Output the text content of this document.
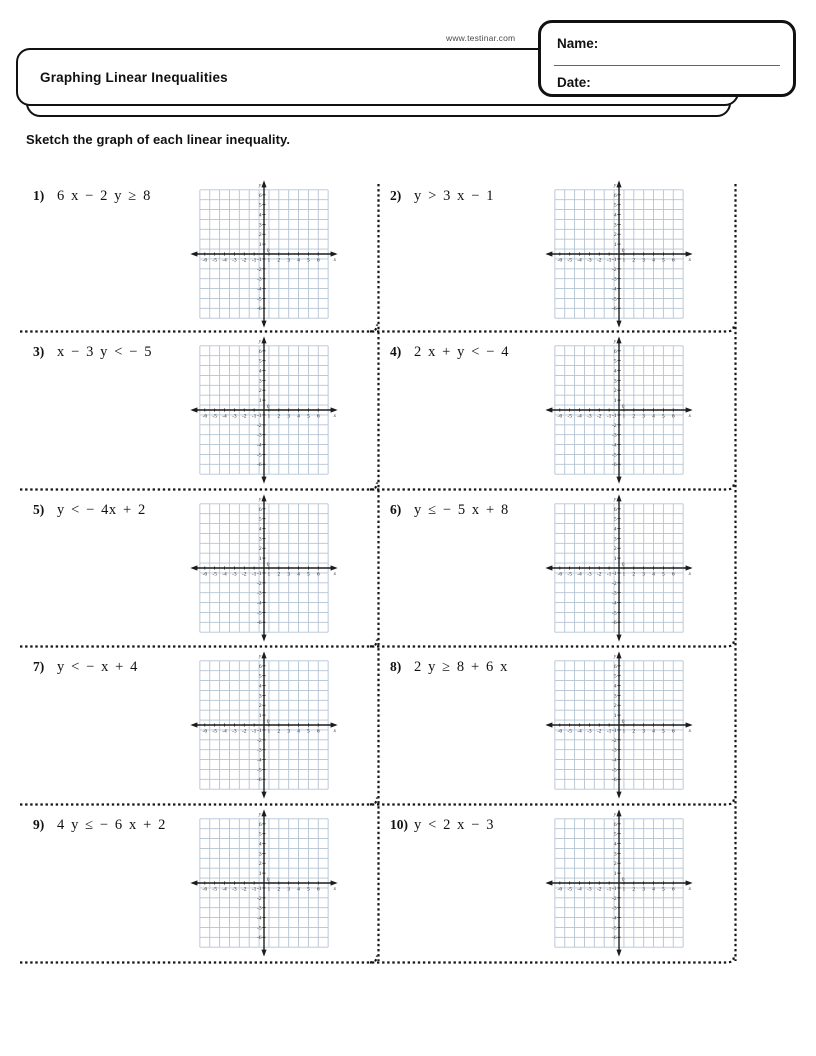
www.testinar.com
Graphing Linear Inequalities
Name:
Date:
Sketch the graph of each linear inequality.
1) 6 x − 2 y ≥ 8
-6 -5 -4 -3 -2 -1 1 2 3 4 5 6
6
5
4
3
2
1
-1
-2
-3
-4
-5
-6
0
x
y
2) y > 3 x − 1
-6 -5 -4 -3 -2 -1 1 2 3 4 5 6
6
5
4
3
2
1
-1
-2
-3
-4
-5
-6
0
x
y
3) x − 3 y < − 5
-6 -5 -4 -3 -2 -1 1 2 3 4 5 6
6
5
4
3
2
1
-1
-2
-3
-4
-5
-6
0
x
y
4) 2 x + y < − 4
-6 -5 -4 -3 -2 -1 1 2 3 4 5 6
6
5
4
3
2
1
-1
-2
-3
-4
-5
-6
0
x
y
5) y < − 4x + 2
-6 -5 -4 -3 -2 -1 1 2 3 4 5 6
6
5
4
3
2
1
-1
-2
-3
-4
-5
-6
0
x
y
6) y ≤ − 5 x + 8
-6 -5 -4 -3 -2 -1 1 2 3 4 5 6
6
5
4
3
2
1
-1
-2
-3
-4
-5
-6
0
x
y
7) y < − x + 4
-6 -5 -4 -3 -2 -1 1 2 3 4 5 6
6
5
4
3
2
1
-1
-2
-3
-4
-5
-6
0
x
y
8) 2 y ≥ 8 + 6 x
-6 -5 -4 -3 -2 -1 1 2 3 4 5 6
6
5
4
3
2
1
-1
-2
-3
-4
-5
-6
0
x
y
9) 4 y ≤ − 6 x + 2
-6 -5 -4 -3 -2 -1 1 2 3 4 5 6
6
5
4
3
2
1
-1
-2
-3
-4
-5
-6
0
x
y
10) y < 2 x − 3
-6 -5 -4 -3 -2 -1 1 2 3 4 5 6
6
5
4
3
2
1
-1
-2
-3
-4
-5
-6
0
x
y
